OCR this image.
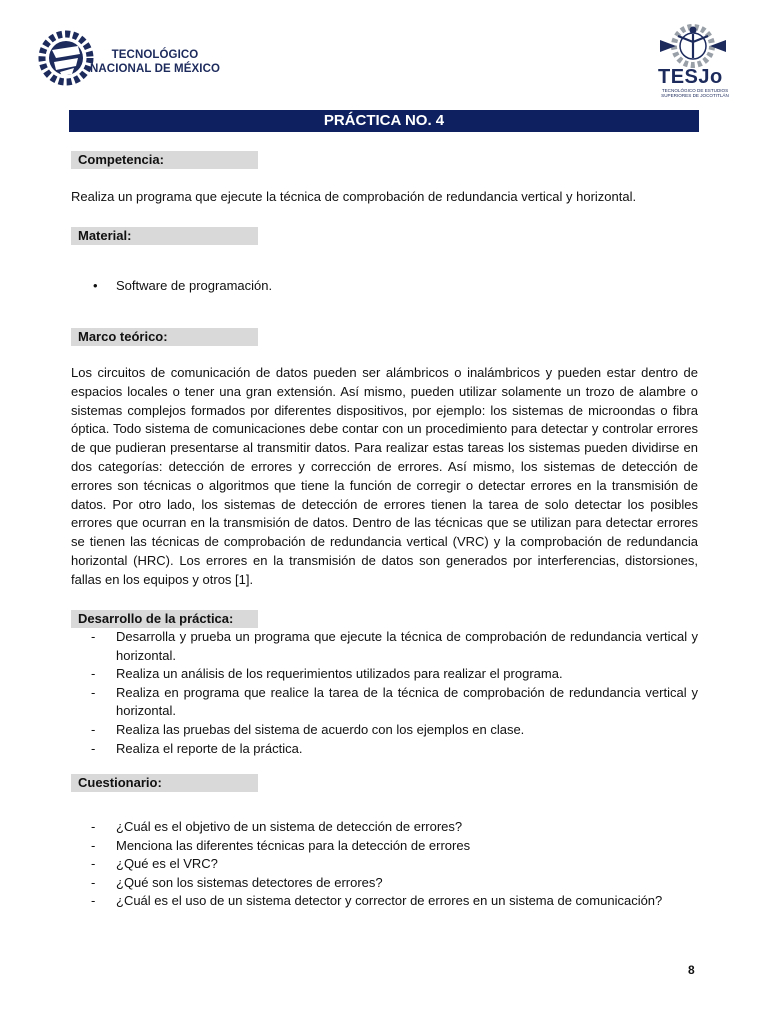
TECNOLÓGICO NACIONAL DE MÉXICO	TESJo
TECNOLÓGICO DE ESTUDIOS SUPERIORES DE JOCOTITLÁN
PRÁCTICA NO. 4
Competencia:
Realiza un programa que ejecute la técnica de comprobación de redundancia vertical y horizontal.
Material:
• Software de programación.
Marco teórico:
Los circuitos de comunicación de datos pueden ser alámbricos o inalámbricos y pueden estar dentro de espacios locales o tener una gran extensión. Así mismo, pueden utilizar solamente un trozo de alambre o sistemas complejos formados por diferentes dispositivos, por ejemplo: los sistemas de microondas o fibra óptica. Todo sistema de comunicaciones debe contar con un procedimiento para detectar y controlar errores de que pudieran presentarse al transmitir datos. Para realizar estas tareas los sistemas pueden dividirse en dos categorías: detección de errores y corrección de errores. Así mismo, los sistemas de detección de errores son técnicas o algoritmos que tiene la función de corregir o detectar errores en la transmisión de datos. Por otro lado, los sistemas de detección de errores tienen la tarea de solo detectar los posibles errores que ocurran en la transmisión de datos. Dentro de las técnicas que se utilizan para detectar errores se tienen las técnicas de comprobación de redundancia vertical (VRC) y la comprobación de redundancia horizontal (HRC). Los errores en la transmisión de datos son generados por interferencias, distorsiones, fallas en los equipos y otros [1].
Desarrollo de la práctica:
- Desarrolla y prueba un programa que ejecute la técnica de comprobación de redundancia vertical y horizontal.
- Realiza un análisis de los requerimientos utilizados para realizar el programa.
- Realiza en programa que realice la tarea de la técnica de comprobación de redundancia vertical y horizontal.
- Realiza las pruebas del sistema de acuerdo con los ejemplos en clase.
- Realiza el reporte de la práctica.
Cuestionario:
- ¿Cuál es el objetivo de un sistema de detección de errores?
- Menciona las diferentes técnicas para la detección de errores
- ¿Qué es el VRC?
- ¿Qué son los sistemas detectores de errores?
- ¿Cuál es el uso de un sistema detector y corrector de errores en un sistema de comunicación?
8
